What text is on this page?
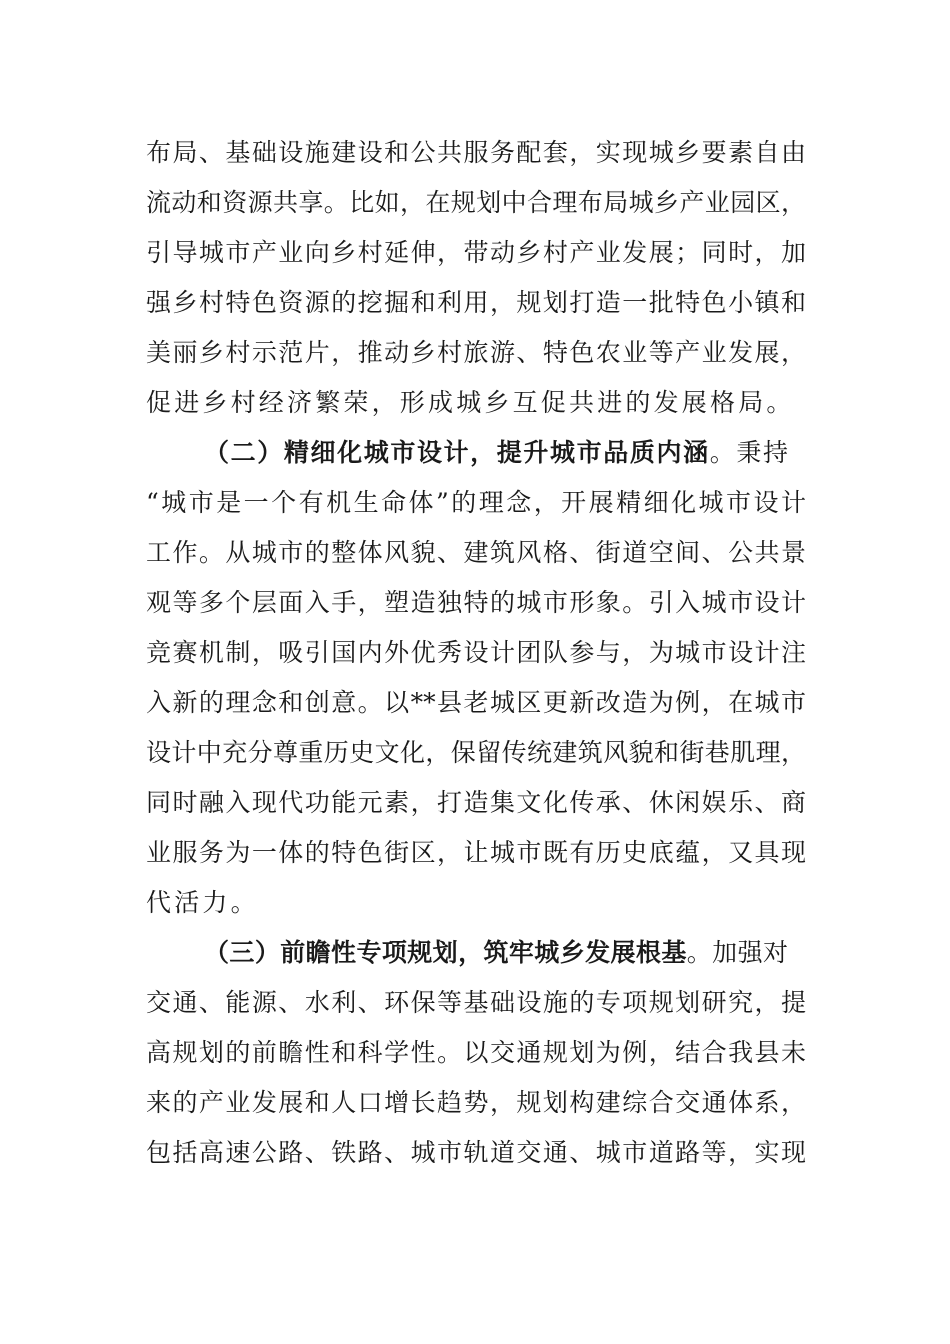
布局、基础设施建设和公共服务配套，实现城乡要素自由
流动和资源共享。比如，在规划中合理布局城乡产业园区，
引导城市产业向乡村延伸，带动乡村产业发展；同时，加
强乡村特色资源的挖掘和利用，规划打造一批特色小镇和
美丽乡村示范片，推动乡村旅游、特色农业等产业发展，
促进乡村经济繁荣，形成城乡互促共进的发展格局。
（二）精细化城市设计，提升城市品质内涵。秉持
“城市是一个有机生命体”的理念，开展精细化城市设计
工作。从城市的整体风貌、建筑风格、街道空间、公共景
观等多个层面入手，塑造独特的城市形象。引入城市设计
竞赛机制，吸引国内外优秀设计团队参与，为城市设计注
入新的理念和创意。以**县老城区更新改造为例，在城市
设计中充分尊重历史文化，保留传统建筑风貌和街巷肌理，
同时融入现代功能元素，打造集文化传承、休闲娱乐、商
业服务为一体的特色街区，让城市既有历史底蕴，又具现
代活力。
（三）前瞻性专项规划，筑牢城乡发展根基。加强对
交通、能源、水利、环保等基础设施的专项规划研究，提
高规划的前瞻性和科学性。以交通规划为例，结合我县未
来的产业发展和人口增长趋势，规划构建综合交通体系，
包括高速公路、铁路、城市轨道交通、城市道路等，实现
